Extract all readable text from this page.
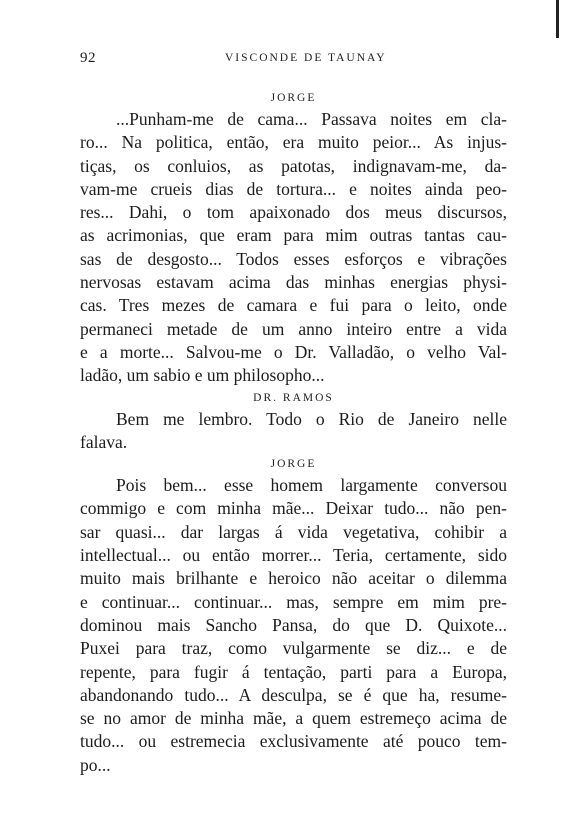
92	VISCONDE DE TAUNAY
JORGE
...Punham-me de cama... Passava noites em cla-
ro... Na politica, então, era muito peior... As injus-
tiças, os conluios, as patotas, indignavam-me, da-
vam-me crueis dias de tortura... e noites ainda peo-
res... Dahi, o tom apaixonado dos meus discursos,
as acrimonias, que eram para mim outras tantas cau-
sas de desgosto... Todos esses esforços e vibrações
nervosas estavam acima das minhas energias physi-
cas. Tres mezes de camara e fui para o leito, onde
permaneci metade de um anno inteiro entre a vida
e a morte... Salvou-me o Dr. Valladão, o velho Val-
ladão, um sabio e um philosopho...
DR. RAMOS
Bem me lembro. Todo o Rio de Janeiro nelle
falava.
JORGE
Pois bem... esse homem largamente conversou
commigo e com minha mãe... Deixar tudo... não pen-
sar quasi... dar largas á vida vegetativa, cohibir a
intellectual... ou então morrer... Teria, certamente, sido
muito mais brilhante e heroico não aceitar o dilemma
e continuar... continuar... mas, sempre em mim pre-
dominou mais Sancho Pansa, do que D. Quixote...
Puxei para traz, como vulgarmente se diz... e de
repente, para fugir á tentação, parti para a Europa,
abandonando tudo... A desculpa, se é que ha, resume-
se no amor de minha mãe, a quem estremeço acima de
tudo... ou estremecia exclusivamente até pouco tem-
po...
